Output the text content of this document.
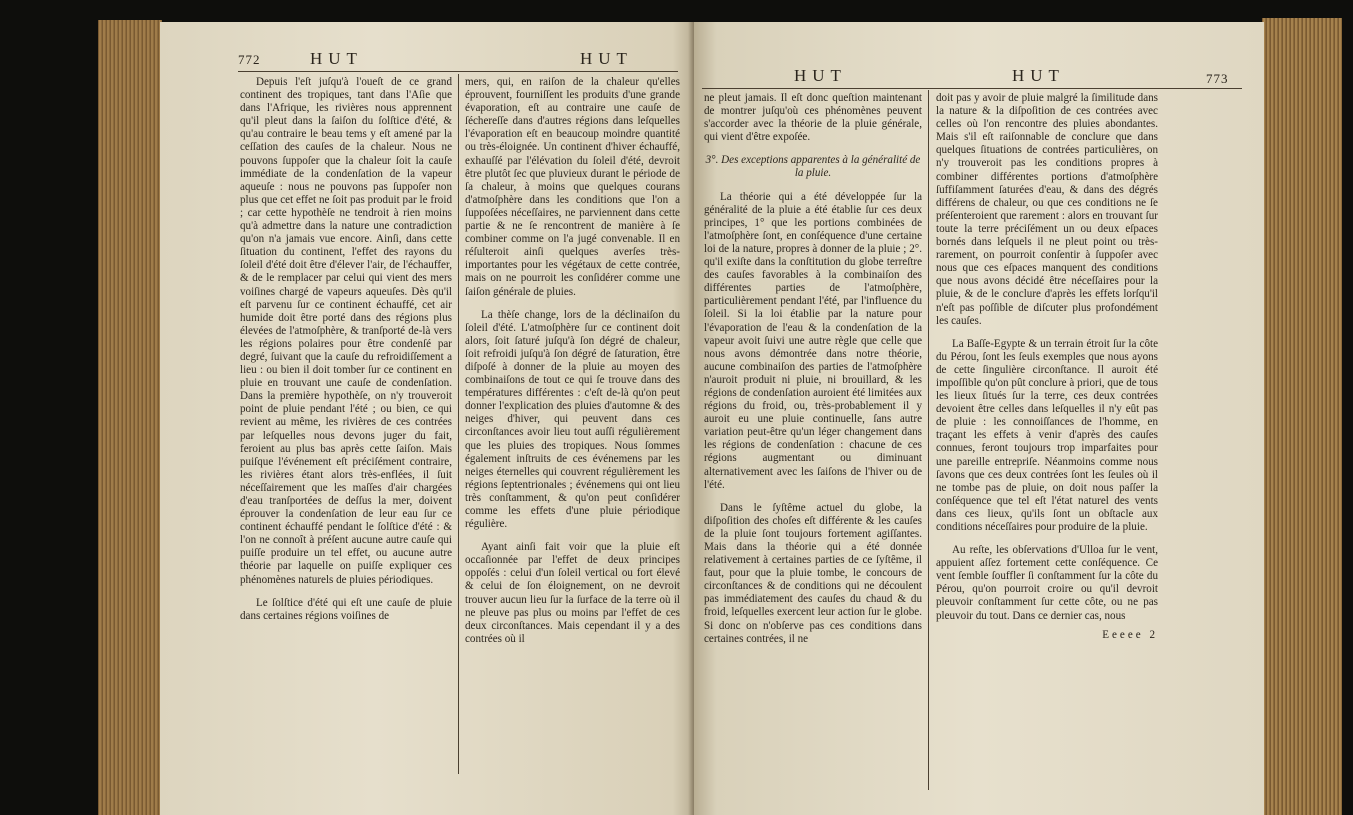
772	HUT	HUT

Depuis l'eſt juſqu'à l'oueſt de ce grand continent des tropiques, tant dans l'Aſie que dans l'Afrique, les rivières nous apprennent qu'il pleut dans la ſaiſon du ſolſtice d'été, & qu'au contraire le beau tems y eſt amené par la ceſſation des cauſes de la chaleur. Nous ne pouvons ſuppoſer que la chaleur ſoit la cauſe immédiate de la condenſation de la vapeur aqueuſe : nous ne pouvons pas ſuppoſer non plus que cet effet ne ſoit pas produit par le froid ; car cette hypothèſe ne tendroit à rien moins qu'à admettre dans la nature une contradiction qu'on n'a jamais vue encore. Ainſi, dans cette ſituation du continent, l'effet des rayons du ſoleil d'été doit être d'élever l'air, de l'échauffer, & de le remplacer par celui qui vient des mers voiſines chargé de vapeurs aqueuſes. Dès qu'il eſt parvenu ſur ce continent échauffé, cet air humide doit être porté dans des régions plus élevées de l'atmoſphère, & tranſporté de-là vers les régions polaires pour être condenſé par degré, ſuivant que la cauſe du refroidiſſement a lieu : ou bien il doit tomber ſur ce continent en pluie en trouvant une cauſe de condenſation. Dans la première hypothèſe, on n'y trouveroit point de pluie pendant l'été ; ou bien, ce qui revient au même, les rivières de ces contrées par leſquelles nous devons juger du fait, feroient au plus bas après cette ſaiſon. Mais puiſque l'événement eſt préciſément contraire, les rivières étant alors très-enflées, il ſuit néceſſairement que les maſſes d'air chargées d'eau tranſportées de deſſus la mer, doivent éprouver la condenſation de leur eau ſur ce continent échauffé pendant le ſolſtice d'été : & l'on ne connoît à préſent aucune autre cauſe qui puiſſe produire un tel effet, ou aucune autre théorie par laquelle on puiſſe expliquer ces phénomènes naturels de pluies périodiques.

Le ſolſtice d'été qui eſt une cauſe de pluie dans certaines régions voiſines de

mers, qui, en raiſon de la chaleur qu'elles éprouvent, fourniſſent les produits d'une grande évaporation, eſt au contraire une cauſe de ſéchereſſe dans d'autres régions dans leſquelles l'évaporation eſt en beaucoup moindre quantité ou très-éloignée. Un continent d'hiver échauffé, exhauſſé par l'élévation du ſoleil d'été, devroit être plutôt ſec que pluvieux durant le période de ſa chaleur, à moins que quelques courans d'atmoſphère dans les conditions que l'on a ſuppoſées néceſſaires, ne parviennent dans cette partie & ne ſe rencontrent de manière à ſe combiner comme on l'a jugé convenable. Il en réſulteroit ainſi quelques averſes très-importantes pour les végétaux de cette contrée, mais on ne pourroit les conſidérer comme une ſaiſon générale de pluies.

La thèſe change, lors de la déclinaiſon du ſoleil d'été. L'atmoſphère ſur ce continent doit alors, ſoit ſaturé juſqu'à ſon dégré de chaleur, ſoit refroidi juſqu'à ſon dégré de ſaturation, être diſpoſé à donner de la pluie au moyen des combinaiſons de tout ce qui ſe trouve dans des températures différentes : c'eſt de-là qu'on peut donner l'explication des pluies d'automne & des neiges d'hiver, qui peuvent dans ces circonſtances avoir lieu tout auſſi régulièrement que les pluies des tropiques. Nous ſommes également inſtruits de ces événemens par les neiges éternelles qui couvrent régulièrement les régions ſeptentrionales ; événemens qui ont lieu très conſtamment, & qu'on peut conſidérer comme les effets d'une pluie périodique régulière.

Ayant ainſi fait voir que la pluie eſt occaſionnée par l'effet de deux principes oppoſés : celui d'un ſoleil vertical ou fort élevé & celui de ſon éloignement, on ne devroit trouver aucun lieu ſur la ſurface de la terre où il ne pleuve pas plus ou moins par l'effet de ces deux circonſtances. Mais cependant il y a des contrées où il

HUT	HUT	773

ne pleut jamais. Il eſt donc queſtion maintenant de montrer juſqu'où ces phénomènes peuvent s'accorder avec la théorie de la pluie générale, qui vient d'être expoſée.

3°. Des exceptions apparentes à la généralité de la pluie.

La théorie qui a été développée ſur la généralité de la pluie a été établie ſur ces deux principes, 1° que les portions combinées de l'atmoſphère ſont, en conſéquence d'une certaine loi de la nature, propres à donner de la pluie ; 2°. qu'il exiſte dans la conſtitution du globe terreſtre des cauſes favorables à la combinaiſon des différentes parties de l'atmoſphère, particulièrement pendant l'été, par l'influence du ſoleil. Si la loi établie par la nature pour l'évaporation de l'eau & la condenſation de la vapeur avoit ſuivi une autre règle que celle que nous avons démontrée dans notre théorie, aucune combinaiſon des parties de l'atmoſphère n'auroit produit ni pluie, ni brouillard, & les régions de condenſation auroient été limitées aux régions du froid, ou, très-probablement il y auroit eu une pluie continuelle, ſans autre variation peut-être qu'un léger changement dans les régions de condenſation : chacune de ces régions augmentant ou diminuant alternativement avec les ſaiſons de l'hiver ou de l'été.

Dans le ſyſtême actuel du globe, la diſpoſition des choſes eſt différente & les cauſes de la pluie ſont toujours fortement agiſſantes. Mais dans la théorie qui a été donnée relativement à certaines parties de ce ſyſtême, il faut, pour que la pluie tombe, le concours de circonſtances & de conditions qui ne découlent pas immédiatement des cauſes du chaud & du froid, leſquelles exercent leur action ſur le globe. Si donc on n'obſerve pas ces conditions dans certaines contrées, il ne

doit pas y avoir de pluie malgré la ſimilitude dans la nature & la diſpoſition de ces contrées avec celles où l'on rencontre des pluies abondantes. Mais s'il eſt raiſonnable de conclure que dans quelques ſituations de contrées particulières, on n'y trouveroit pas les conditions propres à combiner différentes portions d'atmoſphère ſuffiſamment ſaturées d'eau, & dans des dégrés différens de chaleur, ou que ces conditions ne ſe préſenteroient que rarement : alors en trouvant ſur toute la terre préciſément un ou deux eſpaces bornés dans leſquels il ne pleut point ou très-rarement, on pourroit conſentir à ſuppoſer avec nous que ces eſpaces manquent des conditions que nous avons décidé être néceſſaires pour la pluie, & de le conclure d'après les effets lorſqu'il n'eſt pas poſſible de diſcuter plus profondément les cauſes.

La Baſſe-Egypte & un terrain étroit ſur la côte du Pérou, ſont les ſeuls exemples que nous ayons de cette ſingulière circonſtance. Il auroit été impoſſible qu'on pût conclure à priori, que de tous les lieux ſitués ſur la terre, ces deux contrées devoient être celles dans leſquelles il n'y eût pas de pluie : les connoiſſances de l'homme, en traçant les effets à venir d'après des cauſes connues, feront toujours trop imparfaites pour une pareille entrepriſe. Néanmoins comme nous ſavons que ces deux contrées ſont les ſeules où il ne tombe pas de pluie, on doit nous paſſer la conſéquence que tel eſt l'état naturel des vents dans ces lieux, qu'ils ſont un obſtacle aux conditions néceſſaires pour produire de la pluie.

Au reſte, les obſervations d'Ulloa ſur le vent, appuient aſſez fortement cette conſéquence. Ce vent ſemble ſouffler ſi conſtamment ſur la côte du Pérou, qu'on pourroit croire ou qu'il devroit pleuvoir conſtamment ſur cette côte, ou ne pas pleuvoir du tout. Dans ce dernier cas, nous

Eeeee 2
